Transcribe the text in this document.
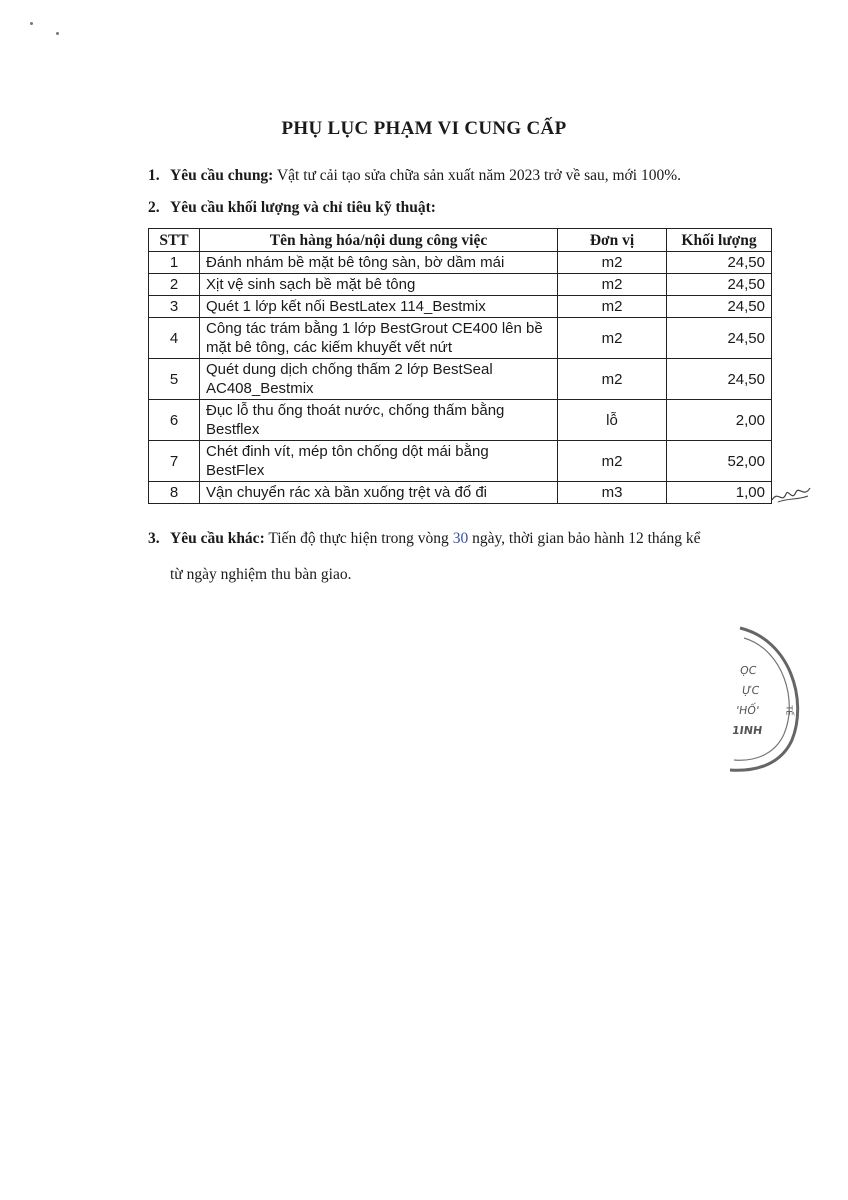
PHỤ LỤC PHẠM VI CUNG CẤP
1. Yêu cầu chung: Vật tư cải tạo sửa chữa sản xuất năm 2023 trở về sau, mới 100%.
2. Yêu cầu khối lượng và chỉ tiêu kỹ thuật:
STT	Tên hàng hóa/nội dung công việc	Đơn vị	Khối lượng
1	Đánh nhám bề mặt bê tông sàn, bờ dầm mái	m2	24,50
2	Xịt vệ sinh sạch bề mặt bê tông	m2	24,50
3	Quét 1 lớp kết nối BestLatex 114_Bestmix	m2	24,50
4	Công tác trám bằng 1 lớp BestGrout CE400 lên bề
mặt bê tông, các kiếm khuyết vết nứt	m2	24,50
5	Quét dung dịch chống thấm 2 lớp BestSeal
AC408_Bestmix	m2	24,50
6	Đục lỗ thu ống thoát nước, chống thấm bằng
Bestflex	lỗ	2,00
7	Chét đinh vít, mép tôn chống dột mái bằng
BestFlex	m2	52,00
8	Vận chuyển rác xà bần xuống trệt và đổ đi	m3	1,00
3. Yêu cầu khác: Tiến độ thực hiện trong vòng 30 ngày, thời gian bảo hành 12 tháng kể
từ ngày nghiệm thu bàn giao.
ỌC
ỰC
'HỐ'
1INH
TẾ
